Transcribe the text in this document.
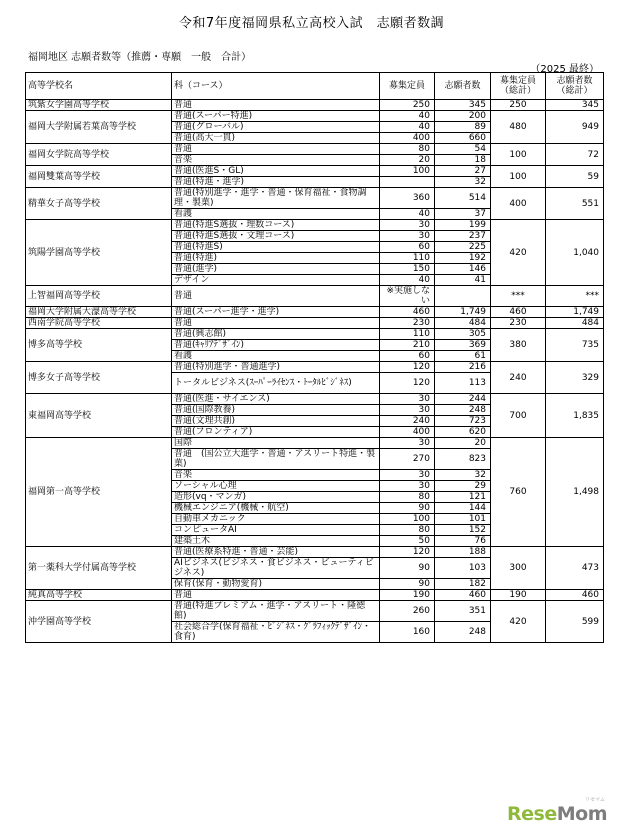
令和7年度福岡県私立高校入試　志願者数調
福岡地区 志願者数等（推薦・専願　一般　合計）
（2025 最終）
高等学校名	科（コース）	募集定員	志願者数	募集定員（総計）	志願者数（総計）
筑紫女学園高等学校	普通	250	345	250	345
福岡大学附属若葉高等学校	普通(スーパー特進)	40	200	480	949
	普通(グローバル)	40	89		
	普通(高大一貫)	400	660		
福岡女学院高等学校	普通	80	54	100	72
	音楽	20	18		
福岡雙葉高等学校	普通(医進S・GL)	100	27	100	59
	普通(特進・進学)		32		
精華女子高等学校	普通(特別進学・進学・普通・保育福祉・食物調理・製菓)	360	514	400	551
	看護	40	37		
筑陽学園高等学校	普通(特進S選抜・理数コース)	30	199	420	1,040
	普通(特進S選抜・文理コース)	30	237		
	普通(特進S)	60	225		
	普通(特進)	110	192		
	普通(進学)	150	146		
	デザイン	40	41		
上智福岡高等学校	普通	※実施しない		***	***
福岡大学附属大濠高等学校	普通(スーパー進学・進学)	460	1,749	460	1,749
西南学院高等学校	普通	230	484	230	484
博多高等学校	普通(興志館)	110	305	380	735
	普通(ｷｬﾘｱﾃﾞｻﾞｲﾝ)	210	369		
	看護	60	61		
博多女子高等学校	普通(特別進学・普通進学)	120	216	240	329
	トータルビジネス(ｽｰﾊﾟｰﾗｲｾﾝｽ・ﾄｰﾀﾙﾋﾞｼﾞﾈｽ)	120	113		
東福岡高等学校	普通(医進・サイエンス)	30	244	700	1,835
	普通(国際教養)	30	248		
	普通(文理共創)	240	723		
	普通(フロンティア)	400	620		
福岡第一高等学校	国際	30	20	760	1,498
	普通　(国公立大進学・普通・アスリート特進・製菓)	270	823		
	音楽	30	32		
	ソーシャル心理	30	29		
	造形(vq・マンガ)	80	121		
	機械エンジニア(機械・航空)	90	144		
	自動車メカニック	100	101		
	コンピュータAI	80	152		
	建築土木	50	76		
第一薬科大学付属高等学校	普通(医療系特進・普通・芸能)	120	188	300	473
	AIビジネス(ビジネス・食ビジネス・ビューティビジネス)	90	103		
	保育(保育・動物愛育)	90	182		
純真高等学校	普通	190	460	190	460
沖学園高等学校	普通(特進プレミアム・進学・アスリート・隆徳館)	260	351	420	599
	社会総合学(保育福祉・ﾋﾞｼﾞﾈｽ・ｸﾞﾗﾌｨｯｸﾃﾞｻﾞｲﾝ・食育)	160	248		
リセマム
ReseMom
